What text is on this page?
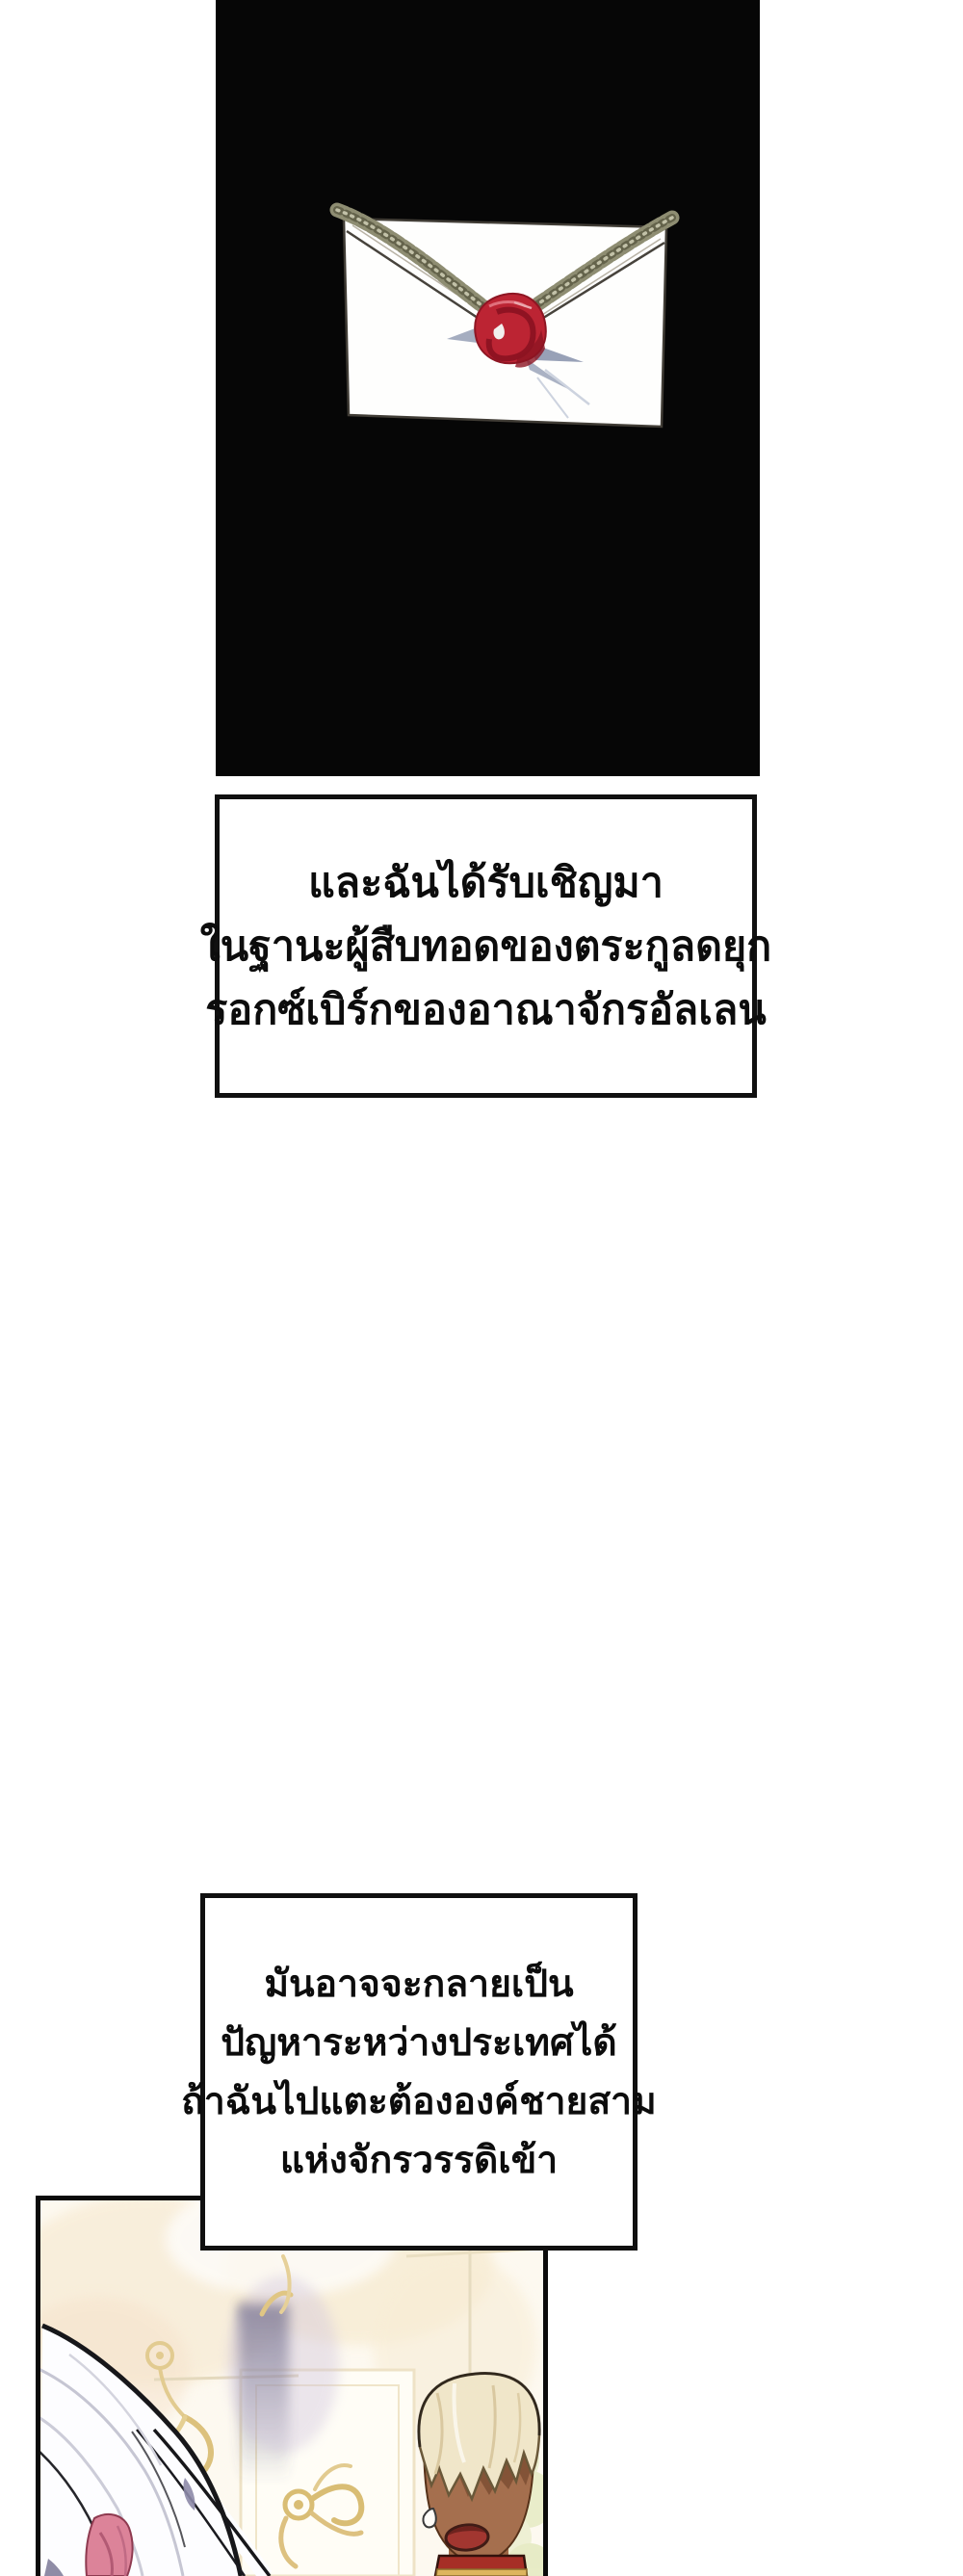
และฉันได้รับเชิญมา
ในฐานะผู้สืบทอดของตระกูลดยุก
รอกซ์เบิร์กของอาณาจักรอัลเลน
มันอาจจะกลายเป็น
ปัญหาระหว่างประเทศได้
ถ้าฉันไปแตะต้ององค์ชายสาม
แห่งจักรวรรดิเข้า
